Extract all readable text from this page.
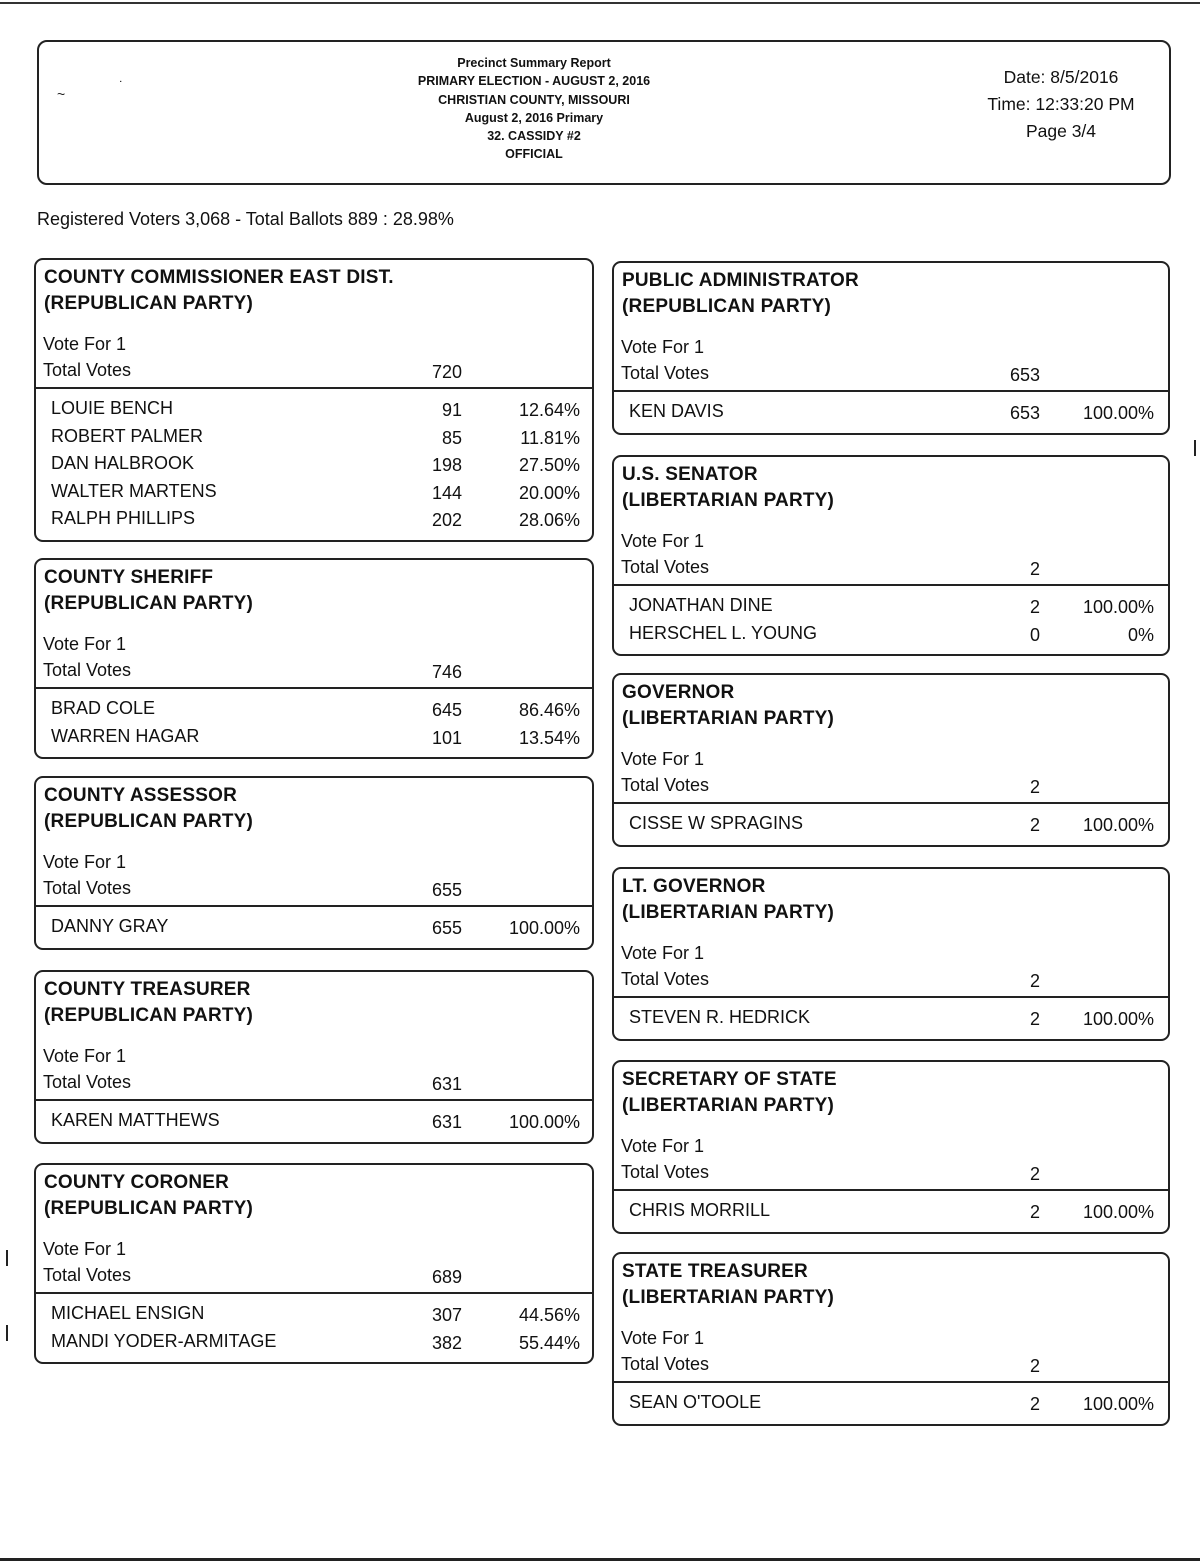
~	˙
Precinct Summary Report
PRIMARY ELECTION - AUGUST 2, 2016
CHRISTIAN COUNTY, MISSOURI
August 2, 2016 Primary
32. CASSIDY #2
OFFICIAL
Date: 8/5/2016
Time: 12:33:20 PM
Page 3/4
Registered Voters 3,068 - Total Ballots 889 : 28.98%
COUNTY COMMISSIONER EAST DIST.
(REPUBLICAN PARTY)
Vote For 1
Total Votes	720
LOUIE BENCH	91	12.64%
ROBERT PALMER	85	11.81%
DAN HALBROOK	198	27.50%
WALTER MARTENS	144	20.00%
RALPH PHILLIPS	202	28.06%
COUNTY SHERIFF
(REPUBLICAN PARTY)
Vote For 1
Total Votes	746
BRAD COLE	645	86.46%
WARREN HAGAR	101	13.54%
COUNTY ASSESSOR
(REPUBLICAN PARTY)
Vote For 1
Total Votes	655
DANNY GRAY	655	100.00%
COUNTY TREASURER
(REPUBLICAN PARTY)
Vote For 1
Total Votes	631
KAREN MATTHEWS	631	100.00%
COUNTY CORONER
(REPUBLICAN PARTY)
Vote For 1
Total Votes	689
MICHAEL ENSIGN	307	44.56%
MANDI YODER-ARMITAGE	382	55.44%
PUBLIC ADMINISTRATOR
(REPUBLICAN PARTY)
Vote For 1
Total Votes	653
KEN DAVIS	653	100.00%
U.S. SENATOR
(LIBERTARIAN PARTY)
Vote For 1
Total Votes	2
JONATHAN DINE	2	100.00%
HERSCHEL L. YOUNG	0	0%
GOVERNOR
(LIBERTARIAN PARTY)
Vote For 1
Total Votes	2
CISSE W SPRAGINS	2	100.00%
LT. GOVERNOR
(LIBERTARIAN PARTY)
Vote For 1
Total Votes	2
STEVEN R. HEDRICK	2	100.00%
SECRETARY OF STATE
(LIBERTARIAN PARTY)
Vote For 1
Total Votes	2
CHRIS MORRILL	2	100.00%
STATE TREASURER
(LIBERTARIAN PARTY)
Vote For 1
Total Votes	2
SEAN O'TOOLE	2	100.00%
